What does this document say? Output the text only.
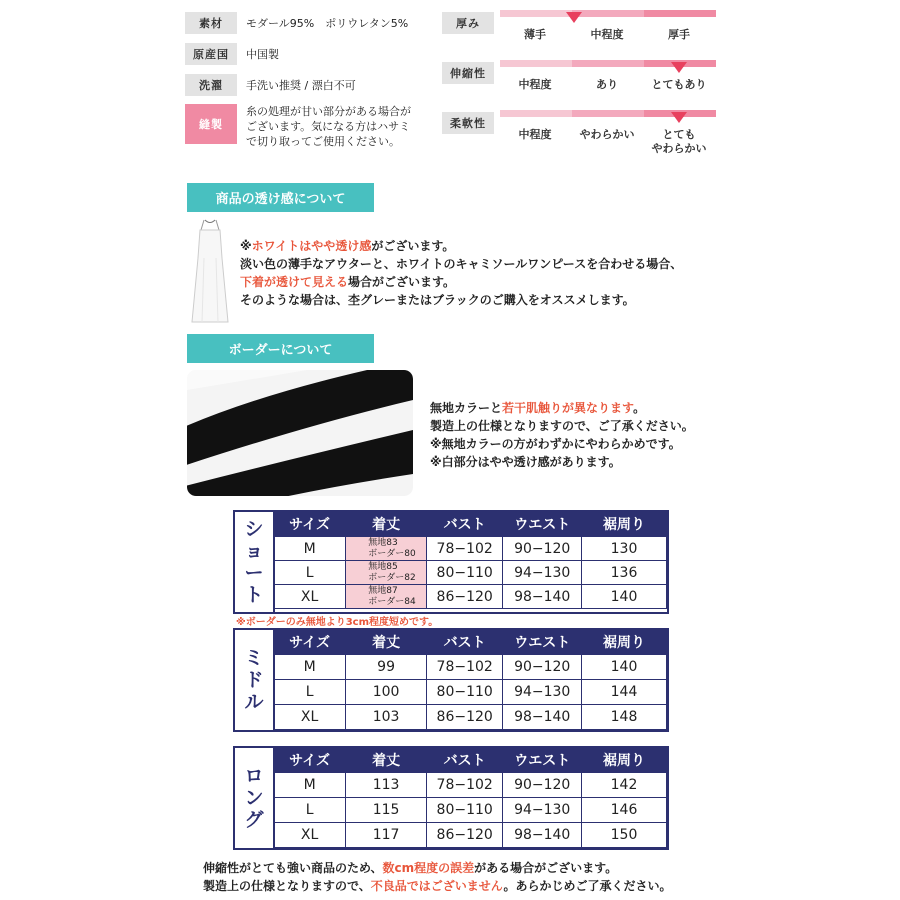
素材	モダール95%　ポリウレタン5%
原産国	中国製
洗濯	手洗い推奨 / 漂白不可
縫製
糸の処理が甘い部分がある場合が
ございます。気になる方はハサミ
で切り取ってご使用ください。
厚み
薄手	中程度	厚手
伸縮性
中程度	あり	とてもあり
柔軟性
中程度	やわらかい	とても
やわらかい
商品の透け感について
※ホワイトはやや透け感がございます。
淡い色の薄手なアウターと、ホワイトのキャミソールワンピースを合わせる場合、
下着が透けて見える場合がございます。
そのような場合は、杢グレーまたはブラックのご購入をオススメします。
ボーダーについて
無地カラーと若干肌触りが異なります。
製造上の仕様となりますので、ご了承ください。
※無地カラーの方がわずかにやわらかめです。
※白部分はやや透け感があります。
シ
ョ
ー
ト
サイズ	着丈	バスト	ウエスト	裾周り
M	無地83
ボーダー80	78−102	90−120	130
L	無地85
ボーダー82	80−110	94−130	136
XL	無地87
ボーダー84	86−120	98−140	140
※ボーダーのみ無地より3cm程度短めです。
ミ
ド
ル
サイズ	着丈	バスト	ウエスト	裾周り
M	99	78−102	90−120	140
L	100	80−110	94−130	144
XL	103	86−120	98−140	148
ロ
ン
グ
サイズ	着丈	バスト	ウエスト	裾周り
M	113	78−102	90−120	142
L	115	80−110	94−130	146
XL	117	86−120	98−140	150
伸縮性がとても強い商品のため、数cm程度の誤差がある場合がございます。
製造上の仕様となりますので、不良品ではございません。あらかじめご了承ください。
